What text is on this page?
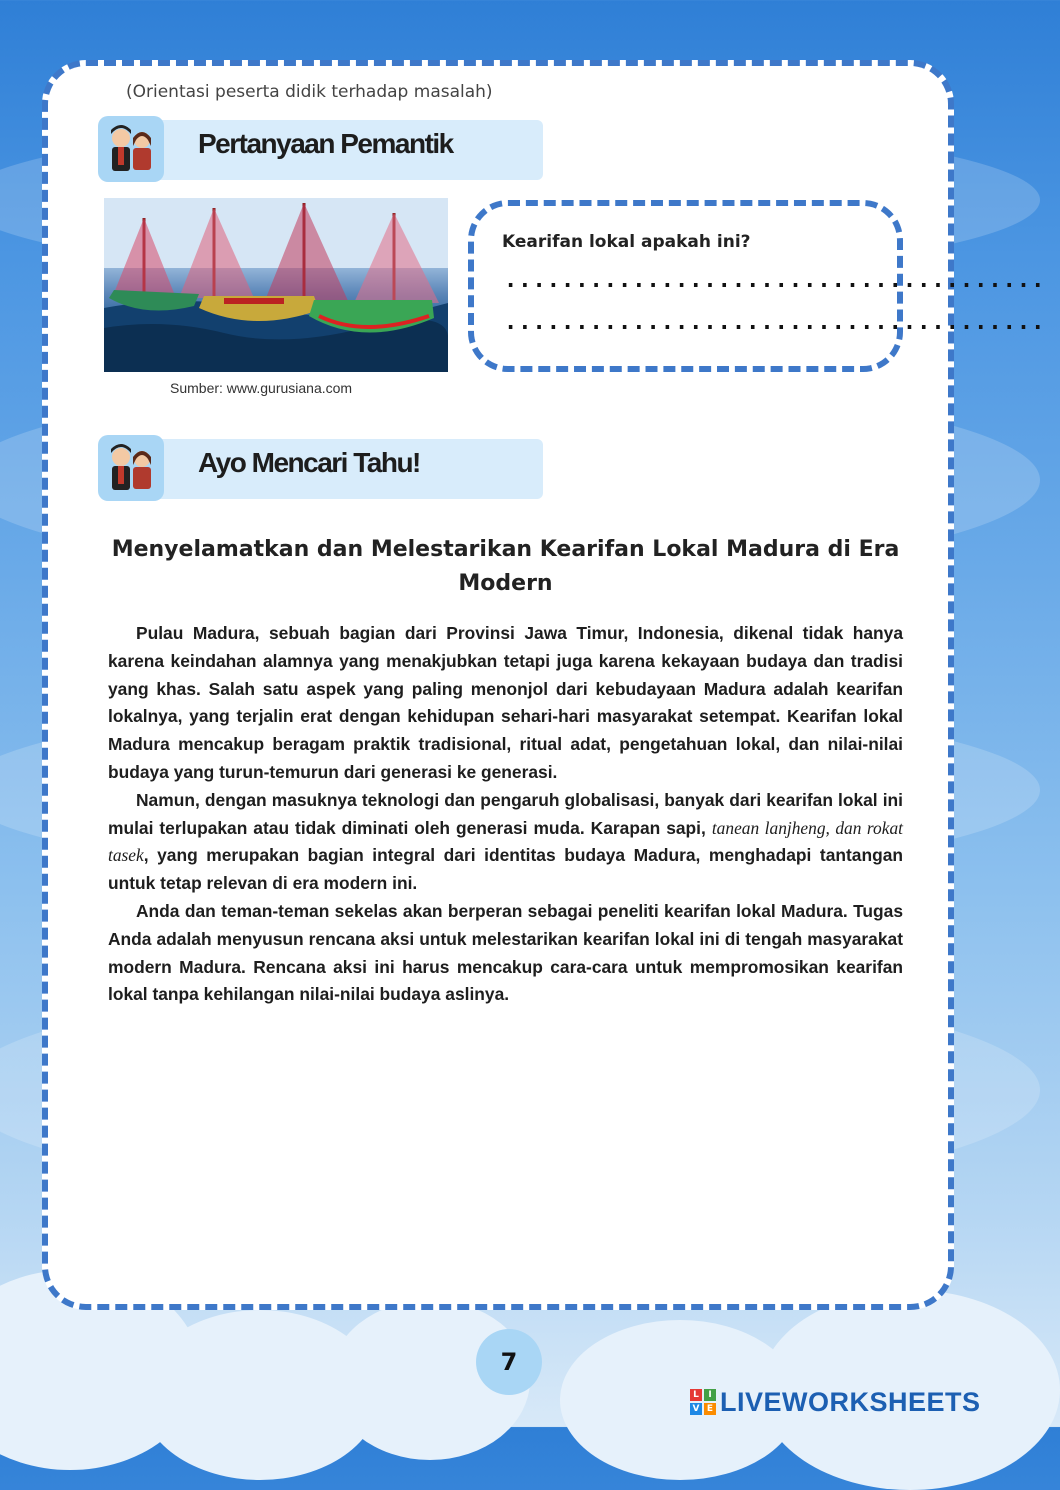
(Orientasi peserta didik terhadap masalah)
Pertanyaan Pemantik
Sumber: www.gurusiana.com
Kearifan lokal apakah ini?
......................................
......................................
Ayo Mencari Tahu!
Menyelamatkan dan Melestarikan Kearifan Lokal Madura di Era Modern

Pulau Madura, sebuah bagian dari Provinsi Jawa Timur, Indonesia, dikenal tidak hanya karena keindahan alamnya yang menakjubkan tetapi juga karena kekayaan budaya dan tradisi yang khas. Salah satu aspek yang paling menonjol dari kebudayaan Madura adalah kearifan lokalnya, yang terjalin erat dengan kehidupan sehari-hari masyarakat setempat. Kearifan lokal Madura mencakup beragam praktik tradisional, ritual adat, pengetahuan lokal, dan nilai-nilai budaya yang turun-temurun dari generasi ke generasi.

Namun, dengan masuknya teknologi dan pengaruh globalisasi, banyak dari kearifan lokal ini mulai terlupakan atau tidak diminati oleh generasi muda. Karapan sapi, tanean lanjheng, dan rokat tasek, yang merupakan bagian integral dari identitas budaya Madura, menghadapi tantangan untuk tetap relevan di era modern ini.

Anda dan teman-teman sekelas akan berperan sebagai peneliti kearifan lokal Madura. Tugas Anda adalah menyusun rencana aksi untuk melestarikan kearifan lokal ini di tengah masyarakat modern Madura. Rencana aksi ini harus mencakup cara-cara untuk mempromosikan kearifan lokal tanpa kehilangan nilai-nilai budaya aslinya.

7
L	I
V E LIVEWORKSHEETS
